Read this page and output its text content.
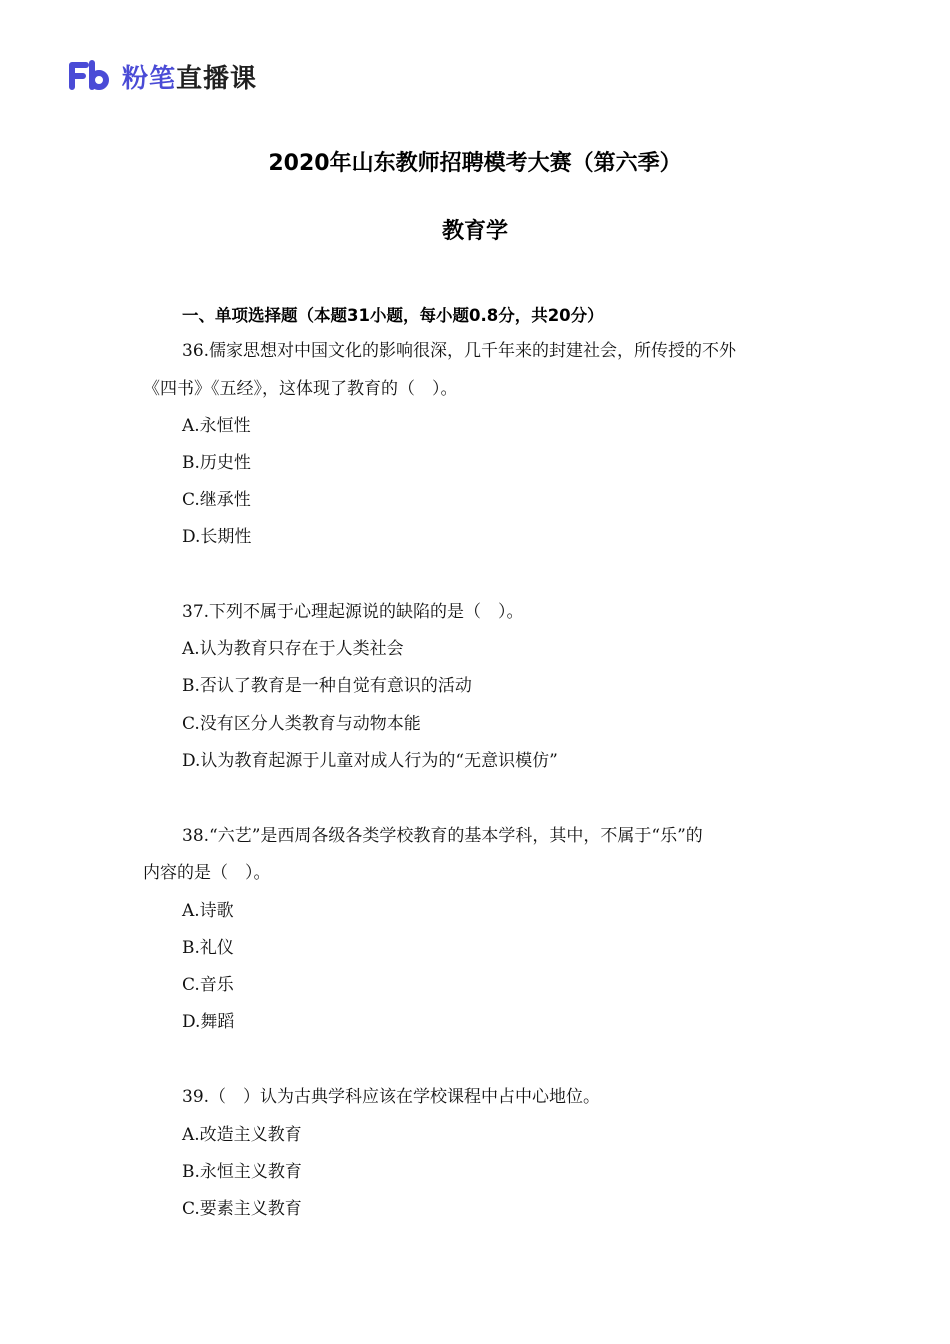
粉笔直播课
2020年山东教师招聘模考大赛（第六季）
教育学
一、单项选择题（本题31小题，每小题0.8分，共20分）
36.儒家思想对中国文化的影响很深，几千年来的封建社会，所传授的不外
《四书》《五经》，这体现了教育的（　）。
A.永恒性
B.历史性
C.继承性
D.长期性
37.下列不属于心理起源说的缺陷的是（　）。
A.认为教育只存在于人类社会
B.否认了教育是一种自觉有意识的活动
C.没有区分人类教育与动物本能
D.认为教育起源于儿童对成人行为的“无意识模仿”
38.“六艺”是西周各级各类学校教育的基本学科，其中，不属于“乐”的
内容的是（　）。
A.诗歌
B.礼仪
C.音乐
D.舞蹈
39.（　）认为古典学科应该在学校课程中占中心地位。
A.改造主义教育
B.永恒主义教育
C.要素主义教育
